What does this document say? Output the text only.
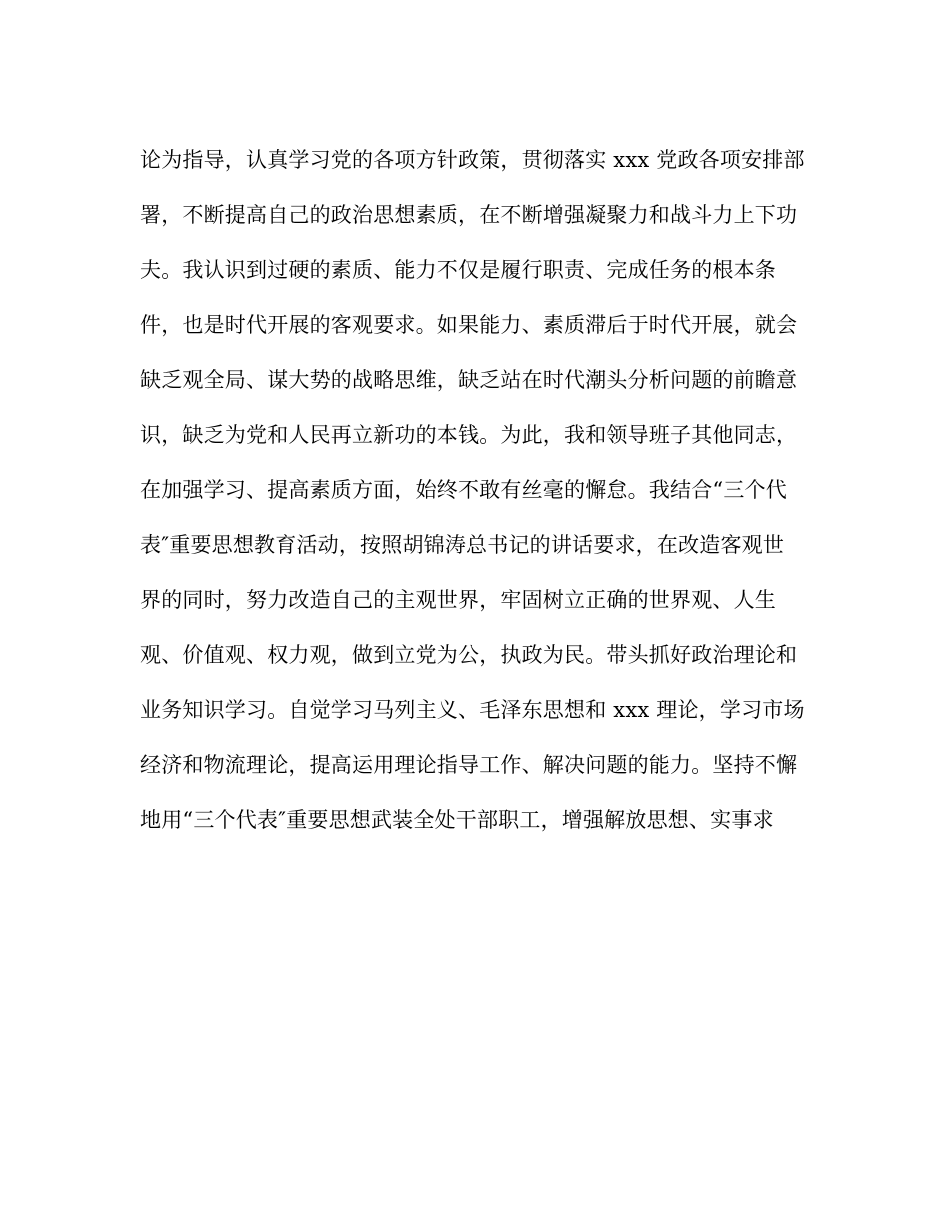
论为指导，认真学习党的各项方针政策，贯彻落实 xxx 党政各项安排部
署，不断提高自己的政治思想素质，在不断增强凝聚力和战斗力上下功
夫。我认识到过硬的素质、能力不仅是履行职责、完成任务的根本条
件，也是时代开展的客观要求。如果能力、素质滞后于时代开展，就会
缺乏观全局、谋大势的战略思维，缺乏站在时代潮头分析问题的前瞻意
识，缺乏为党和人民再立新功的本钱。为此，我和领导班子其他同志，
在加强学习、提高素质方面，始终不敢有丝毫的懈怠。我结合“三个代
表″重要思想教育活动，按照胡锦涛总书记的讲话要求，在改造客观世
界的同时，努力改造自己的主观世界，牢固树立正确的世界观、人生
观、价值观、权力观，做到立党为公，执政为民。带头抓好政治理论和
业务知识学习。自觉学习马列主义、毛泽东思想和 xxx 理论，学习市场
经济和物流理论，提高运用理论指导工作、解决问题的能力。坚持不懈
地用“三个代表″重要思想武装全处干部职工，增强解放思想、实事求
